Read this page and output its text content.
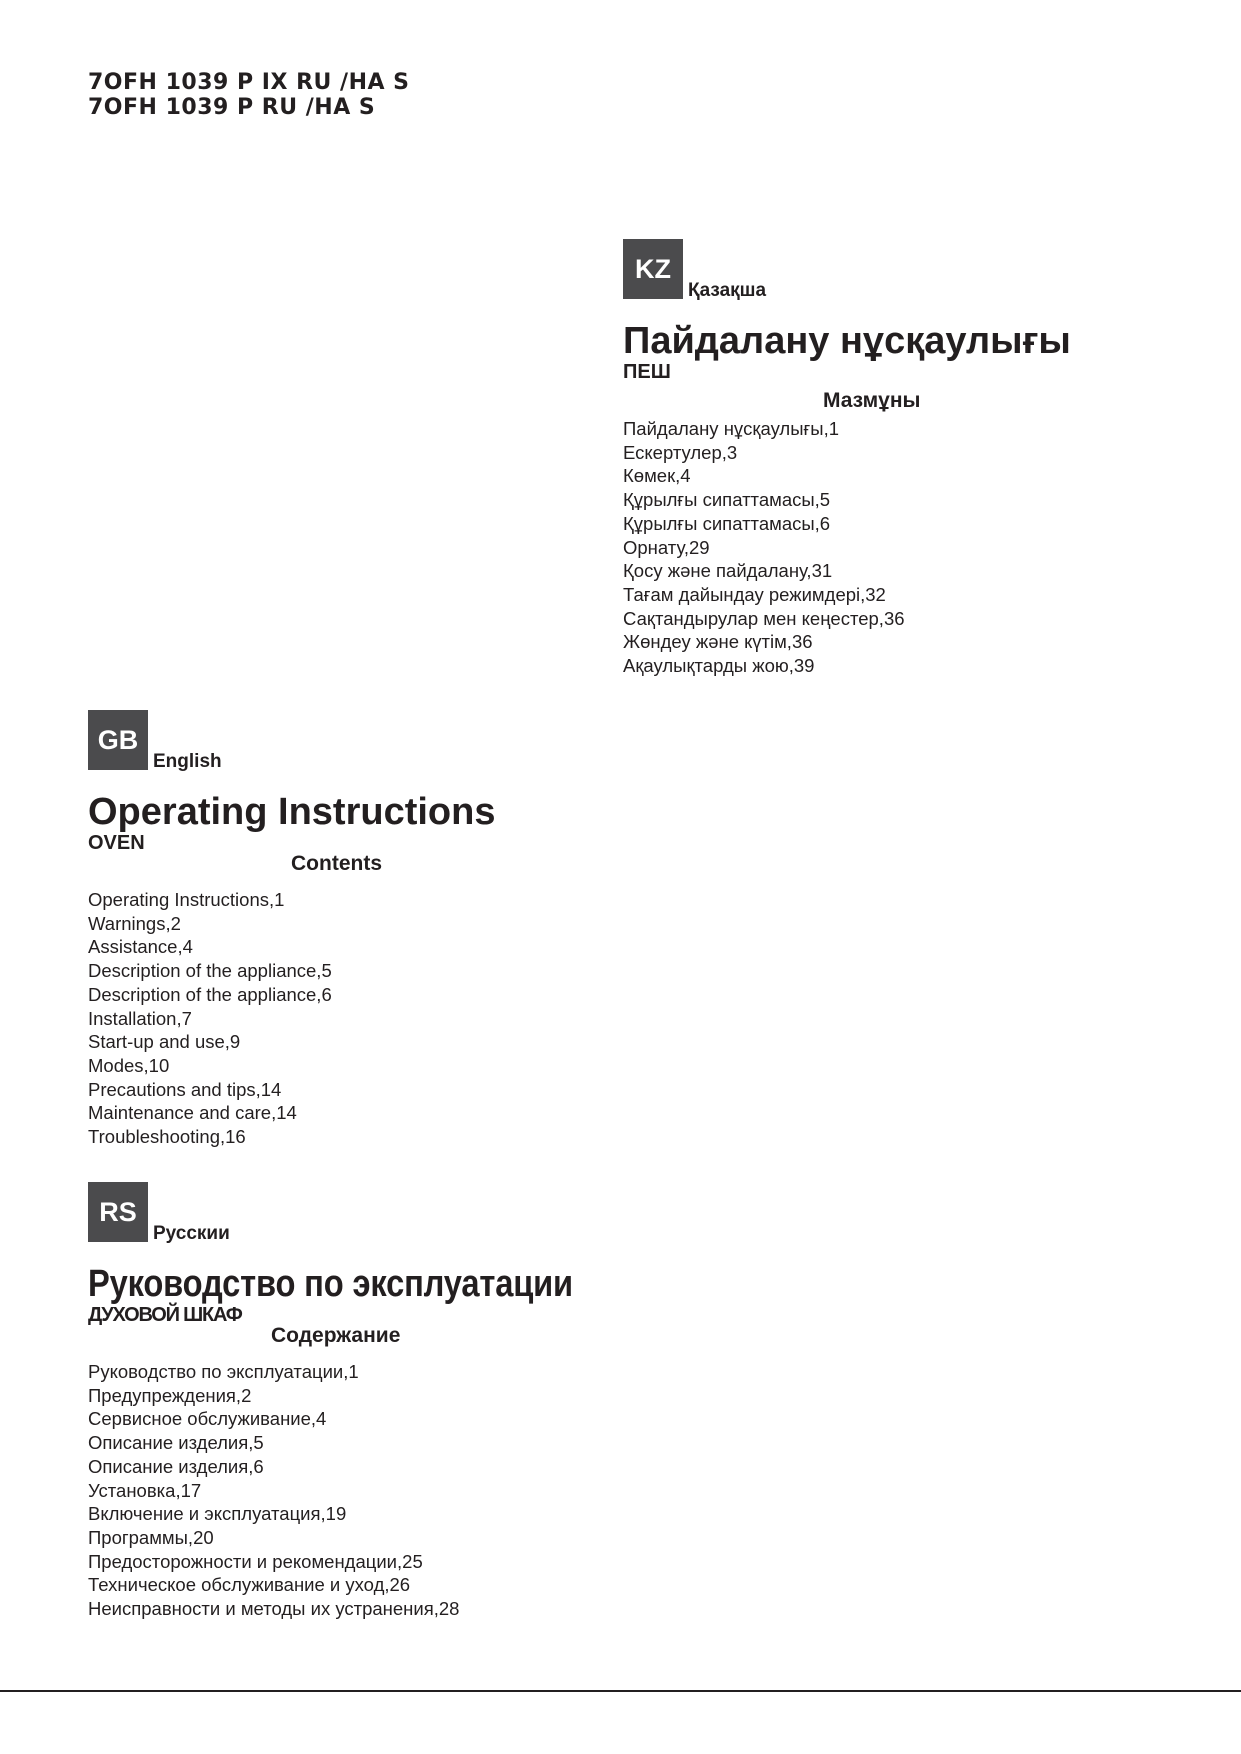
7OFH 1039 P IX RU /HA S
7OFH 1039 P RU /HA S
KZ
Қазақша
Пайдалану нұсқаулығы
ПЕШ
Мазмұны
Пайдалану нұсқаулығы,1
Ескертулер,3
Көмек,4
Құрылғы сипаттамасы,5
Құрылғы сипаттамасы,6
Орнату,29
Қосу және пайдалану,31
Тағам дайындау режимдері,32
Сақтандырулар мен кеңестер,36
Жөндеу және күтім,36
Ақаулықтарды жою,39
GB
English
Operating Instructions
OVEN
Contents
Operating Instructions,1
Warnings,2
Assistance,4
Description of the appliance,5
Description of the appliance,6
Installation,7
Start-up and use,9
Modes,10
Precautions and tips,14
Maintenance and care,14
Troubleshooting,16
RS
Русскии
Руководство по эксплуатации
ДУХОВОЙ ШКАФ
Содержание
Руководство по эксплуатации,1
Предупреждения,2
Сервисное обслуживание,4
Описание изделия,5
Описание изделия,6
Установка,17
Включение и эксплуатация,19
Программы,20
Предосторожности и рекомендации,25
Техническое обслуживание и уход,26
Неисправности и методы их устранения,28
